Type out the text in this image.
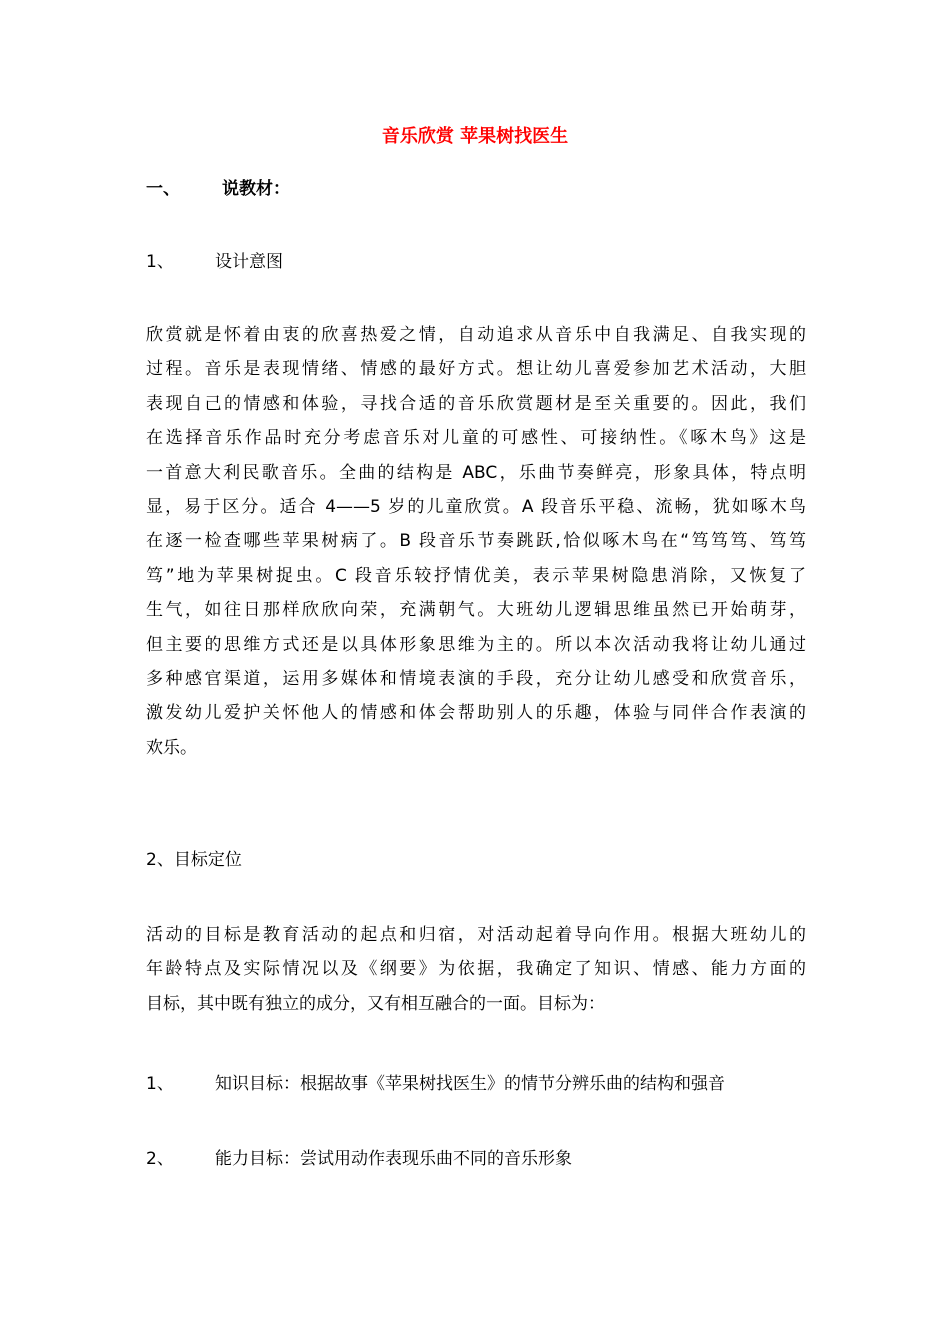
音乐欣赏 苹果树找医生
一、 说教材：
1、 设计意图
欣赏就是怀着由衷的欣喜热爱之情，自动追求从音乐中自我满足、自我实现的
过程。音乐是表现情绪、情感的最好方式。想让幼儿喜爱参加艺术活动，大胆
表现自己的情感和体验，寻找合适的音乐欣赏题材是至关重要的。因此，我们
在选择音乐作品时充分考虑音乐对儿童的可感性、可接纳性。《啄木鸟》这是
一首意大利民歌音乐。全曲的结构是 ABC，乐曲节奏鲜亮，形象具体，特点明
显，易于区分。适合 4——5 岁的儿童欣赏。A 段音乐平稳、流畅，犹如啄木鸟
在逐一检查哪些苹果树病了。B 段音乐节奏跳跃,恰似啄木鸟在“笃笃笃、笃笃
笃”地为苹果树捉虫。C 段音乐较抒情优美，表示苹果树隐患消除，又恢复了
生气，如往日那样欣欣向荣，充满朝气。大班幼儿逻辑思维虽然已开始萌芽，
但主要的思维方式还是以具体形象思维为主的。所以本次活动我将让幼儿通过
多种感官渠道，运用多媒体和情境表演的手段，充分让幼儿感受和欣赏音乐，
激发幼儿爱护关怀他人的情感和体会帮助别人的乐趣，体验与同伴合作表演的
欢乐。
2、目标定位
活动的目标是教育活动的起点和归宿，对活动起着导向作用。根据大班幼儿的
年龄特点及实际情况以及《纲要》为依据，我确定了知识、情感、能力方面的
目标，其中既有独立的成分，又有相互融合的一面。目标为：
1、 知识目标：根据故事《苹果树找医生》的情节分辨乐曲的结构和强音
2、 能力目标：尝试用动作表现乐曲不同的音乐形象
